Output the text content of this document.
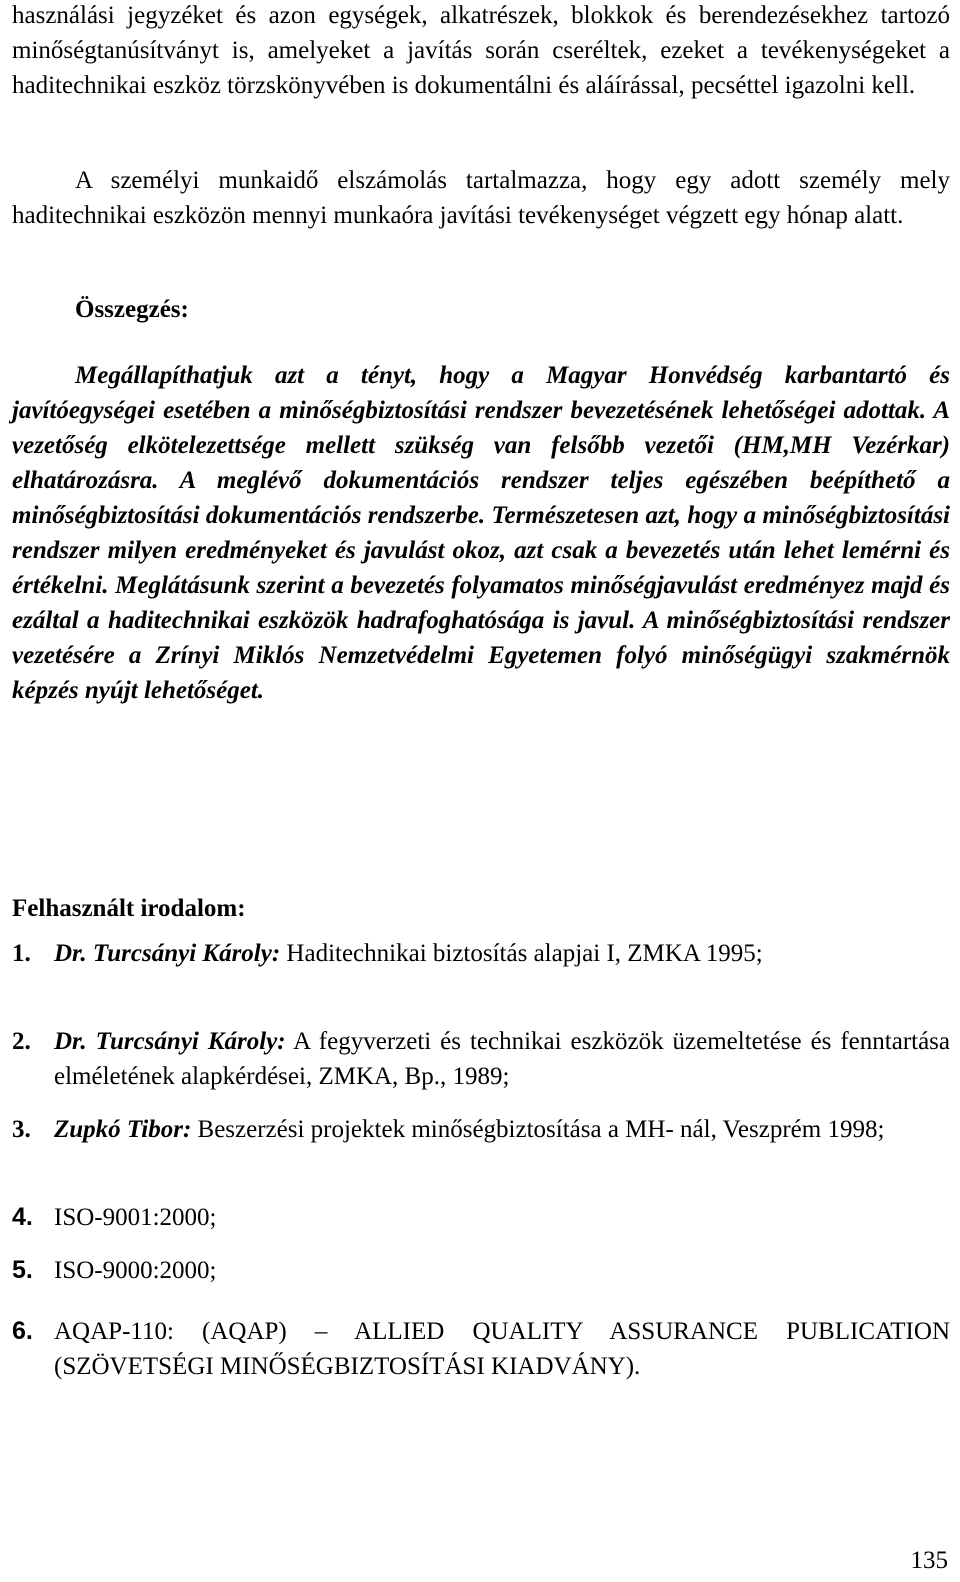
használási jegyzéket és azon egységek, alkatrészek, blokkok és berendezésekhez tartozó minőségtanúsítványt is, amelyeket a javítás során cseréltek, ezeket a tevékenységeket a haditechnikai eszköz törzskönyvében is dokumentálni és aláírással, pecséttel igazolni kell.
A személyi munkaidő elszámolás tartalmazza, hogy egy adott személy mely haditechnikai eszközön mennyi munkaóra javítási tevékenységet végzett egy hónap alatt.
Összegzés:
Megállapíthatjuk azt a tényt, hogy a Magyar Honvédség karbantartó és javítóegységei esetében a minőségbiztosítási rendszer bevezetésének lehetőségei adottak. A vezetőség elkötelezettsége mellett szükség van felsőbb vezetői (HM,MH Vezérkar) elhatározásra. A meglévő dokumentációs rendszer teljes egészében beépíthető a minőségbiztosítási dokumentációs rendszerbe. Természetesen azt, hogy a minőségbiztosítási rendszer milyen eredményeket és javulást okoz, azt csak a bevezetés után lehet lemérni és értékelni. Meglátásunk szerint a bevezetés folyamatos minőségjavulást eredményez majd és ezáltal a haditechnikai eszközök hadrafoghatósága is javul. A minőségbiztosítási rendszer vezetésére a Zrínyi Miklós Nemzetvédelmi Egyetemen folyó minőségügyi szakmérnök képzés nyújt lehetőséget.
Felhasznált irodalom:
1. Dr. Turcsányi Károly: Haditechnikai biztosítás alapjai I, ZMKA 1995;
2. Dr. Turcsányi Károly: A fegyverzeti és technikai eszközök üzemeltetése és fenntartása elméletének alapkérdései, ZMKA, Bp., 1989;
3. Zupkó Tibor: Beszerzési projektek minőségbiztosítása a MH- nál, Veszprém 1998;
4. ISO-9001:2000;
5. ISO-9000:2000;
6. AQAP-110: (AQAP) – ALLIED QUALITY ASSURANCE PUBLICATION (SZÖVETSÉGI MINŐSÉGBIZTOSÍTÁSI KIADVÁNY).
135
